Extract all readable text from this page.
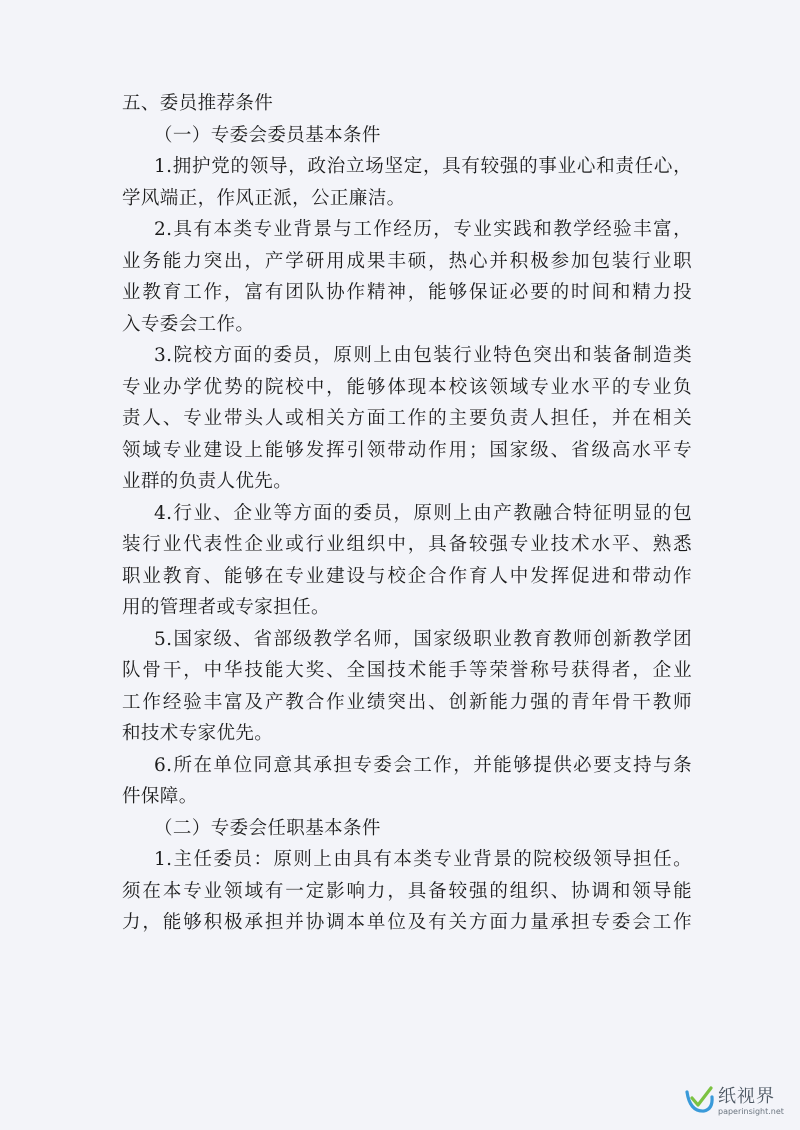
五、委员推荐条件
（一）专委会委员基本条件
1.拥护党的领导，政治立场坚定，具有较强的事业心和责任心，
学风端正，作风正派，公正廉洁。
2.具有本类专业背景与工作经历，专业实践和教学经验丰富，
业务能力突出，产学研用成果丰硕，热心并积极参加包装行业职
业教育工作，富有团队协作精神，能够保证必要的时间和精力投
入专委会工作。
3.院校方面的委员，原则上由包装行业特色突出和装备制造类
专业办学优势的院校中，能够体现本校该领域专业水平的专业负
责人、专业带头人或相关方面工作的主要负责人担任，并在相关
领域专业建设上能够发挥引领带动作用；国家级、省级高水平专
业群的负责人优先。
4.行业、企业等方面的委员，原则上由产教融合特征明显的包
装行业代表性企业或行业组织中，具备较强专业技术水平、熟悉
职业教育、能够在专业建设与校企合作育人中发挥促进和带动作
用的管理者或专家担任。
5.国家级、省部级教学名师，国家级职业教育教师创新教学团
队骨干，中华技能大奖、全国技术能手等荣誉称号获得者，企业
工作经验丰富及产教合作业绩突出、创新能力强的青年骨干教师
和技术专家优先。
6.所在单位同意其承担专委会工作，并能够提供必要支持与条
件保障。
（二）专委会任职基本条件
1.主任委员：原则上由具有本类专业背景的院校级领导担任。
须在本专业领域有一定影响力，具备较强的组织、协调和领导能
力，能够积极承担并协调本单位及有关方面力量承担专委会工作
纸视界
paperinsight.net
